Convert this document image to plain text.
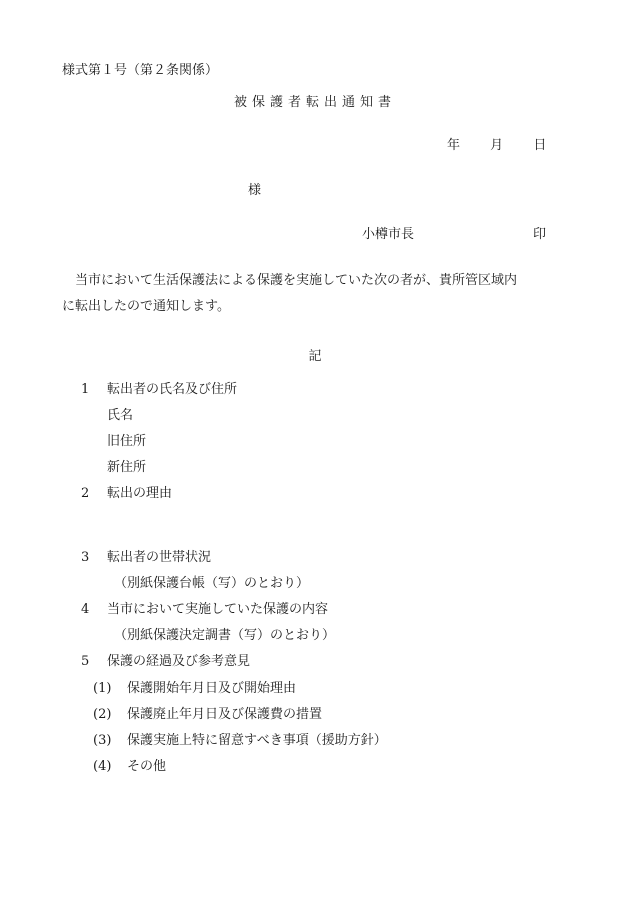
様式第１号（第２条関係）
被保護者転出通知書
年 月 日
様
小樽市長	印
当市において生活保護法による保護を実施していた次の者が、貴所管区域内
に転出したので通知します。
記
1 転出者の氏名及び住所
氏名
旧住所
新住所
2 転出の理由
3 転出者の世帯状況
（別紙保護台帳（写）のとおり）
4 当市において実施していた保護の内容
（別紙保護決定調書（写）のとおり）
5 保護の経過及び参考意見
(1) 保護開始年月日及び開始理由
(2) 保護廃止年月日及び保護費の措置
(3) 保護実施上特に留意すべき事項（援助方針）
(4) その他
